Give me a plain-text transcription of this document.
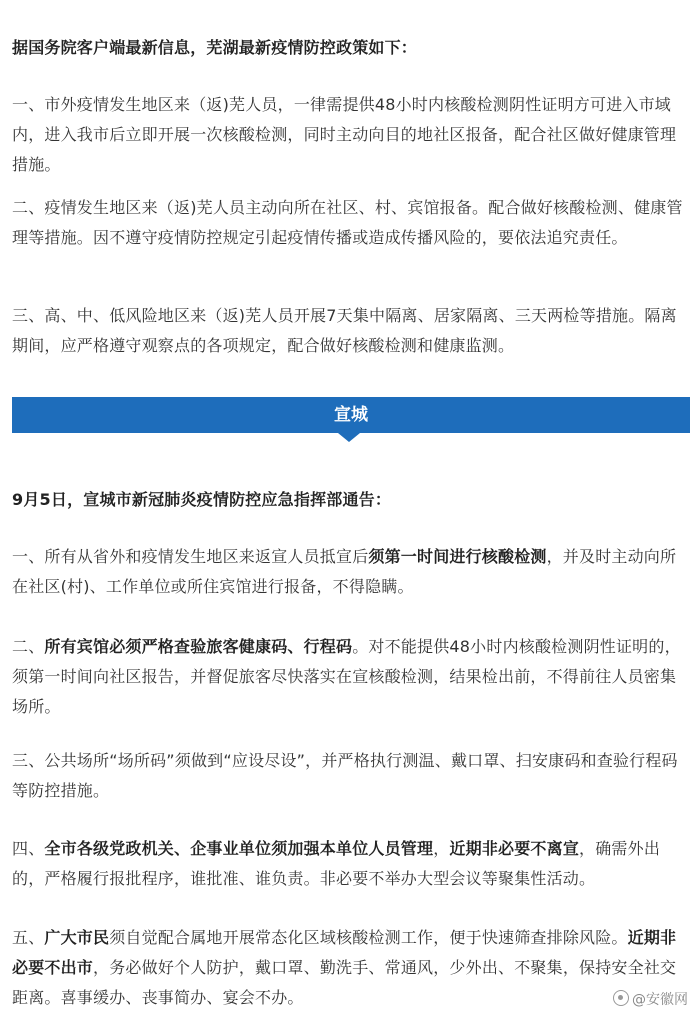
据国务院客户端最新信息，芜湖最新疫情防控政策如下：

一、市外疫情发生地区来（返)芜人员，一律需提供48小时内核酸检测阴性证明方可进入市域内，进入我市后立即开展一次核酸检测，同时主动向目的地社区报备，配合社区做好健康管理措施。

二、疫情发生地区来（返)芜人员主动向所在社区、村、宾馆报备。配合做好核酸检测、健康管理等措施。因不遵守疫情防控规定引起疫情传播或造成传播风险的，要依法追究责任。

三、高、中、低风险地区来（返)芜人员开展7天集中隔离、居家隔离、三天两检等措施。隔离期间，应严格遵守观察点的各项规定，配合做好核酸检测和健康监测。

宣城

9月5日，宣城市新冠肺炎疫情防控应急指挥部通告：

一、所有从省外和疫情发生地区来返宣人员抵宣后须第一时间进行核酸检测，并及时主动向所在社区(村)、工作单位或所住宾馆进行报备，不得隐瞒。

二、所有宾馆必须严格查验旅客健康码、行程码。对不能提供48小时内核酸检测阴性证明的，须第一时间向社区报告，并督促旅客尽快落实在宣核酸检测，结果检出前，不得前往人员密集场所。

三、公共场所“场所码”须做到“应设尽设”，并严格执行测温、戴口罩、扫安康码和查验行程码等防控措施。

四、全市各级党政机关、企事业单位须加强本单位人员管理，近期非必要不离宣，确需外出的，严格履行报批程序，谁批准、谁负责。非必要不举办大型会议等聚集性活动。

五、广大市民须自觉配合属地开展常态化区域核酸检测工作，便于快速筛查排除风险。近期非必要不出市，务必做好个人防护，戴口罩、勤洗手、常通风，少外出、不聚集，保持安全社交距离。喜事缓办、丧事简办、宴会不办。	@安徽网
